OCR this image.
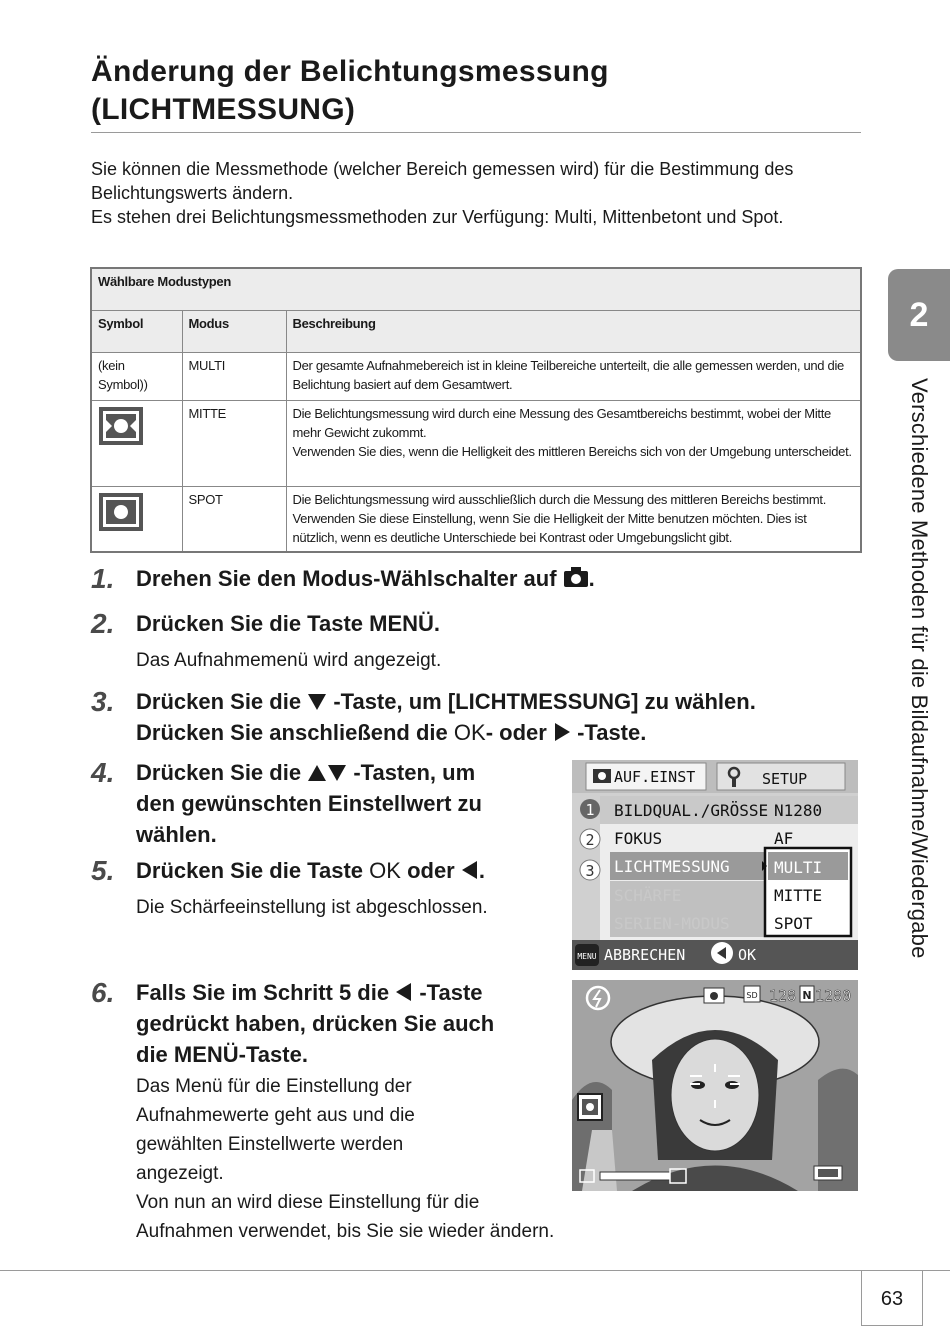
Änderung der Belichtungsmessung
(LICHTMESSUNG)

Sie können die Messmethode (welcher Bereich gemessen wird) für die Bestimmung des Belichtungswerts ändern.

Es stehen drei Belichtungsmessmethoden zur Verfügung: Multi, Mittenbetont und Spot.

Wählbare Modustypen		
Symbol	Modus	Beschreibung
(kein Symbol))	MULTI	Der gesamte Aufnahmebereich ist in kleine Teilbereiche unterteilt, die alle gemessen werden, und die Belichtung basiert auf dem Gesamtwert.
	MITTE	Die Belichtungsmessung wird durch eine Messung des Gesamtbereichs bestimmt, wobei der Mitte mehr Gewicht zukommt.
Verwenden Sie dies, wenn die Helligkeit des mittleren Bereichs sich von der Umgebung unterscheidet.

	SPOT	Die Belichtungsmessung wird ausschließlich durch die Messung des mittleren Bereichs bestimmt.
Verwenden Sie diese Einstellung, wenn Sie die Helligkeit der Mitte benutzen möchten. Dies ist nützlich, wenn es deutliche Unterschiede bei Kontrast oder Umgebungslicht gibt.
1. Drehen Sie den Modus-Wählschalter auf .
2. Drücken Sie die Taste MENÜ.
Das Aufnahmemenü wird angezeigt.
3. Drücken Sie die -Taste, um [LICHTMESSUNG] zu wählen.
Drücken Sie anschließend die OK- oder -Taste.
4. Drücken Sie die -Tasten, um
den gewünschten Einstellwert zu
wählen.
5. Drücken Sie die Taste OK oder .
Die Schärfeeinstellung ist abgeschlossen.
6. Falls Sie im Schritt 5 die -Taste
gedrückt haben, drücken Sie auch
die MENÜ-Taste.
Das Menü für die Einstellung der
Aufnahmewerte geht aus und die
gewählten Einstellwerte werden
angezeigt.
Von nun an wird diese Einstellung für die
Aufnahmen verwendet, bis Sie sie wieder ändern.
AUF.EINST	SETUP
1
2
3
BILDQUAL./GRÖSSE N1280
FOKUS	AF
LICHTMESSUNG	MULTI
MITTE
SPOT
MENU ABBRECHEN	OK
SD 128 N 1280
2
Verschiedene Methoden für die Bildaufnahme/Wiedergabe
63
